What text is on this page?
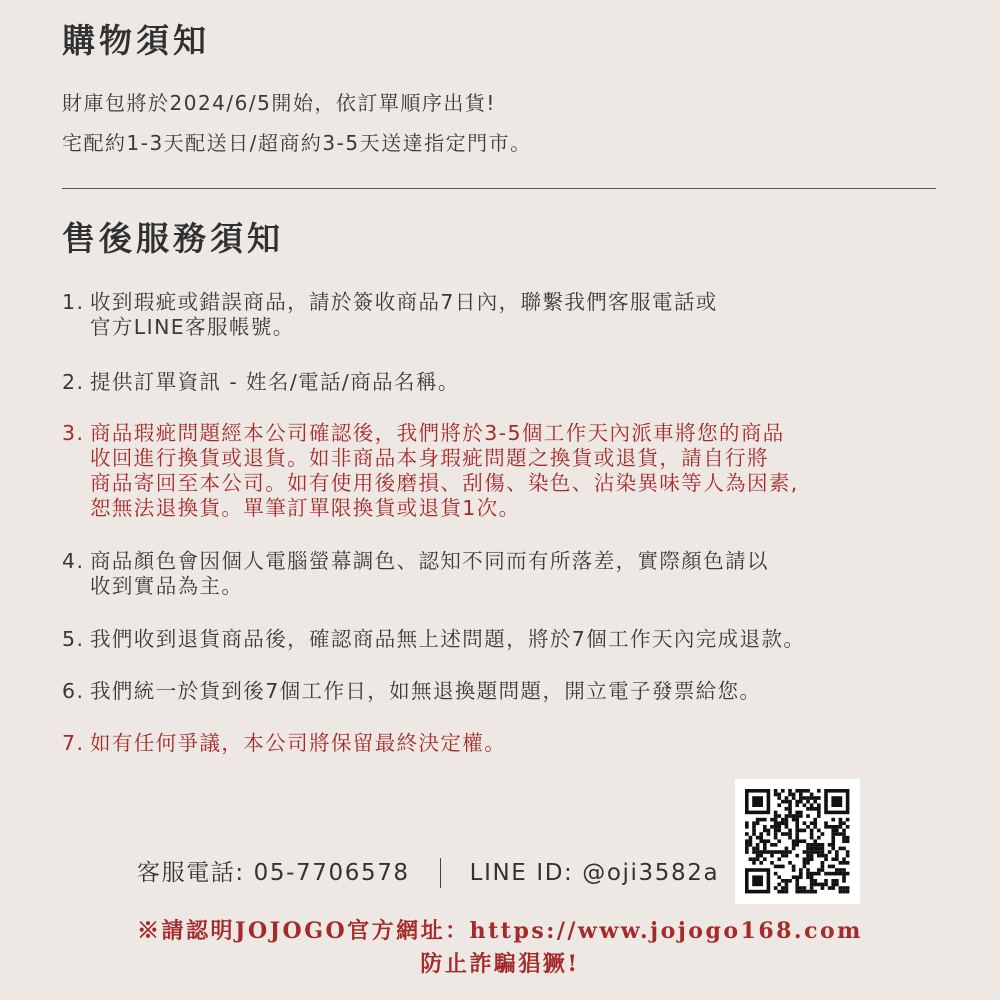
購物須知
財庫包將於2024/6/5開始，依訂單順序出貨!
宅配約1-3天配送日/超商約3-5天送達指定門市。
售後服務須知
1. 收到瑕疵或錯誤商品，請於簽收商品7日內，聯繫我們客服電話或
官方LINE客服帳號。
2. 提供訂單資訊 - 姓名/電話/商品名稱。
3. 商品瑕疵問題經本公司確認後，我們將於3-5個工作天內派車將您的商品
收回進行換貨或退貨。如非商品本身瑕疵問題之換貨或退貨，請自行將
商品寄回至本公司。如有使用後磨損、刮傷、染色、沾染異味等人為因素,
恕無法退換貨。單筆訂單限換貨或退貨1次。
4. 商品顏色會因個人電腦螢幕調色、認知不同而有所落差，實際顏色請以
收到實品為主。
5. 我們收到退貨商品後，確認商品無上述問題，將於7個工作天內完成退款。
6. 我們統一於貨到後7個工作日，如無退換題問題，開立電子發票給您。
7. 如有任何爭議，本公司將保留最終決定權。
客服電話: 05-7706578	LINE ID: @oji3582a
※請認明JOJOGO官方網址：https://www.jojogo168.com
防止詐騙猖獗!
